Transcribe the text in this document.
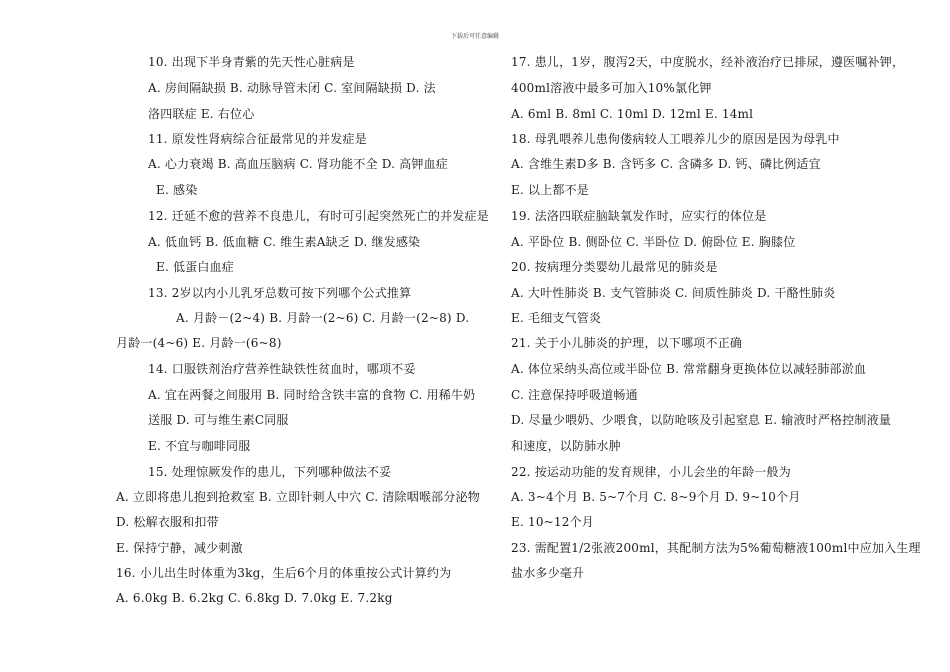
下载后可任意编辑
10. 出现下半身青紫的先天性心脏病是
A. 房间隔缺损 B. 动脉导管未闭 C. 室间隔缺损 D. 法
洛四联症 E. 右位心
11. 原发性肾病综合征最常见的并发症是
A. 心力衰竭 B. 高血压脑病 C. 肾功能不全 D. 高钾血症
E. 感染
12. 迁延不愈的营养不良患儿，有时可引起突然死亡的并发症是
A. 低血钙 B. 低血糖 C. 维生素A缺乏 D. 继发感染
E. 低蛋白血症
13. 2岁以内小儿乳牙总数可按下列哪个公式推算
A. 月龄－(2~4) B. 月龄一(2~6) C. 月龄一(2~8) D.
月龄一(4~6) E. 月龄一(6~8)
14. 口服铁剂治疗营养性缺铁性贫血时，哪项不妥
A. 宜在两餐之间服用 B. 同时给含铁丰富的食物 C. 用稀牛奶
送服 D. 可与维生素C同服
E. 不宜与咖啡同服
15. 处理惊厥发作的患儿，下列哪种做法不妥
A. 立即将患儿抱到抢救室 B. 立即针刺人中穴 C. 清除咽喉部分泌物
D. 松解衣服和扣带
E. 保持宁静，减少刺激
16. 小儿出生时体重为3kg，生后6个月的体重按公式计算约为
A. 6.0kg B. 6.2kg C. 6.8kg D. 7.0kg E. 7.2kg
17. 患儿，1岁，腹泻2天，中度脱水，经补液治疗已排尿，遵医嘱补钾，
400ml溶液中最多可加入10%氯化钾
A. 6ml B. 8ml C. 10ml D. 12ml E. 14ml
18. 母乳喂养儿患佝偻病较人工喂养儿少的原因是因为母乳中
A. 含维生素D多 B. 含钙多 C. 含磷多 D. 钙、磷比例适宜
E. 以上都不是
19. 法洛四联症脑缺氧发作时，应实行的体位是
A. 平卧位 B. 侧卧位 C. 半卧位 D. 俯卧位 E. 胸膝位
20. 按病理分类婴幼儿最常见的肺炎是
A. 大叶性肺炎 B. 支气管肺炎 C. 间质性肺炎 D. 干酪性肺炎
E. 毛细支气管炎
21. 关于小儿肺炎的护理，以下哪项不正确
A. 体位采纳头高位或半卧位 B. 常常翻身更换体位以减轻肺部淤血
C. 注意保持呼吸道畅通
D. 尽量少喂奶、少喂食，以防呛咳及引起窒息 E. 输液时严格控制液量
和速度，以防肺水肿
22. 按运动功能的发育规律，小儿会坐的年龄一般为
A. 3~4个月 B. 5~7个月 C. 8~9个月 D. 9~10个月
E. 10~12个月
23. 需配置1/2张液200ml，其配制方法为5%葡萄糖液100ml中应加入生理
盐水多少毫升
